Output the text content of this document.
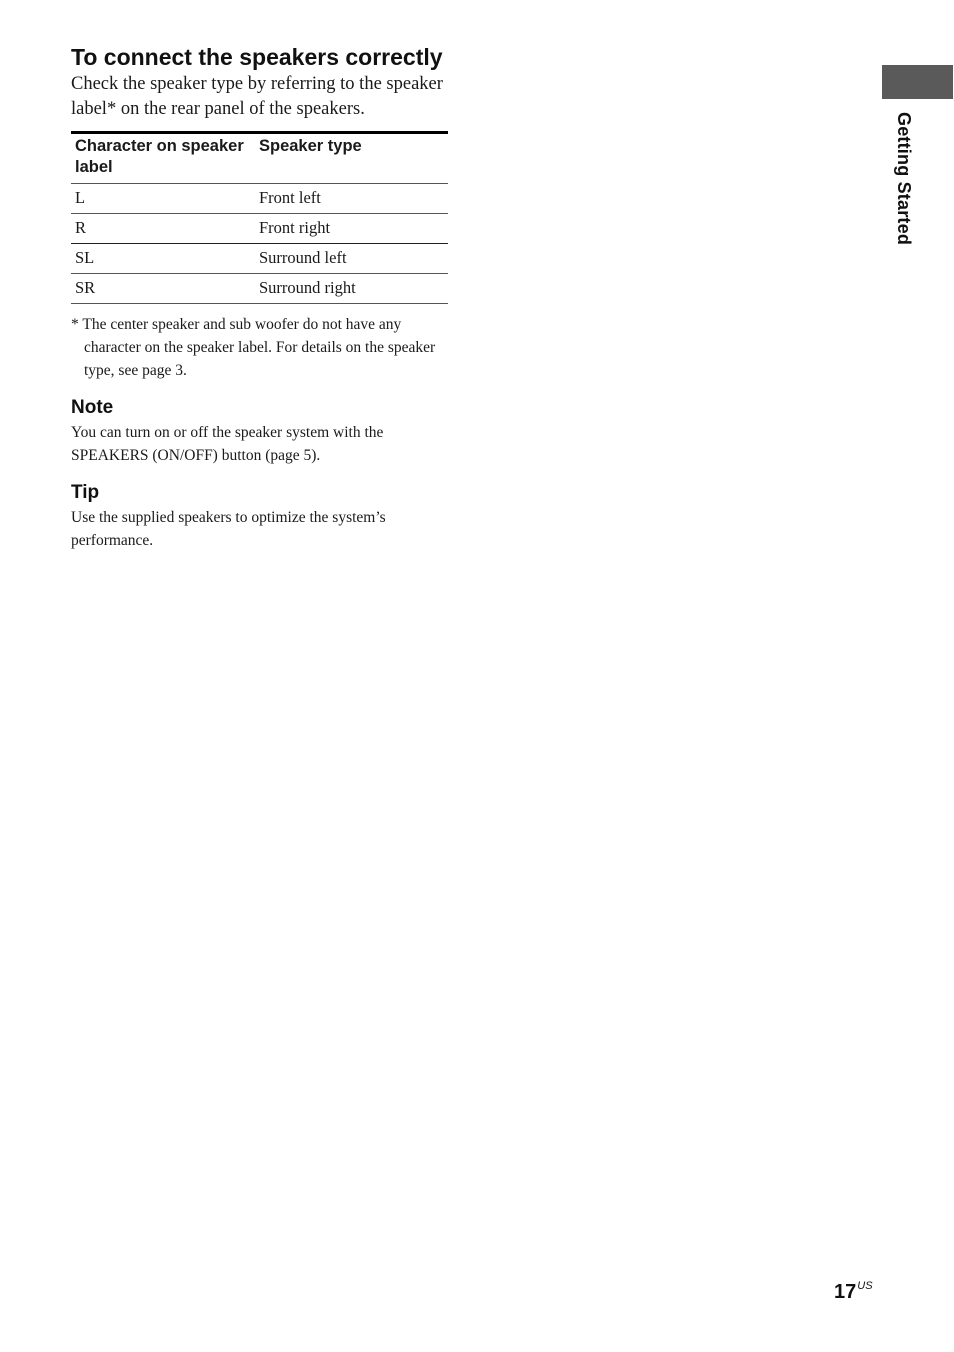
Getting Started
To connect the speakers correctly

Check the speaker type by referring to the speaker label* on the rear panel of the speakers.

Character on speaker label	Speaker type
L	Front left
R	Front right
SL	Surround left
SR	Surround right

* The center speaker and sub woofer do not have any character on the speaker label. For details on the speaker type, see page 3.

Note

You can turn on or off the speaker system with the SPEAKERS (ON/OFF) button (page 5).

Tip

Use the supplied speakers to optimize the system’s performance.

$17^{US}$
